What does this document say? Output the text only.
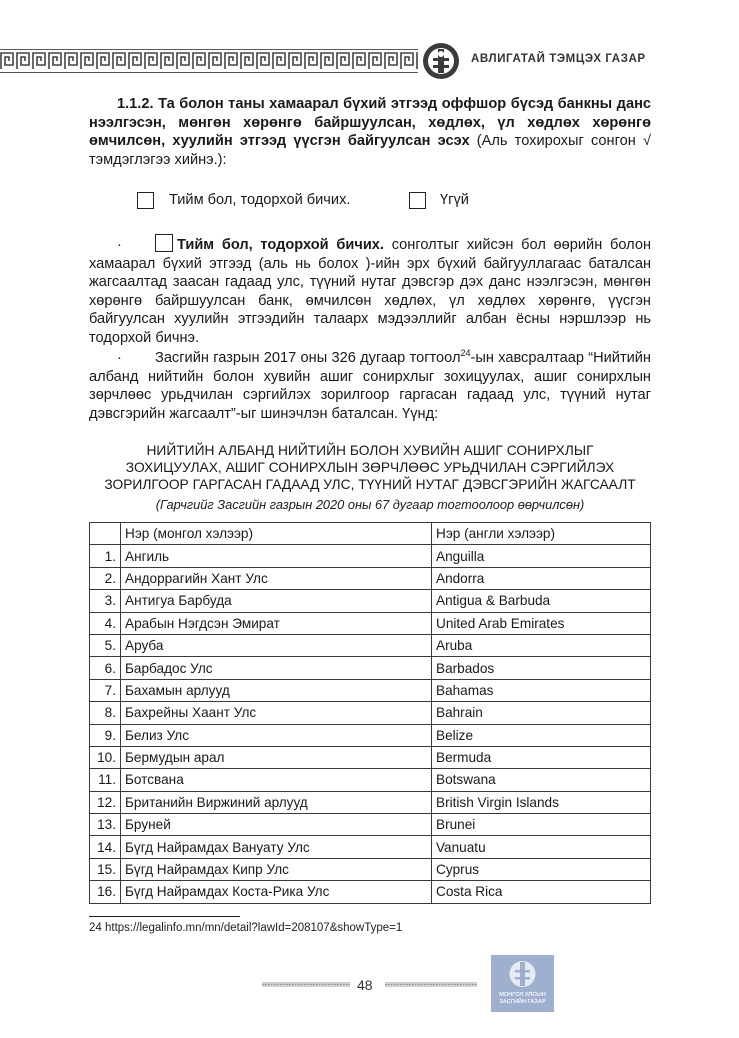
АВЛИГАТАЙ ТЭМЦЭХ ГАЗАР
1.1.2. Та болон таны хамаарал бүхий этгээд оффшор бүсэд банкны данс нээлгэсэн, мөнгөн хөрөнгө байршуулсан, хөдлөх, үл хөдлөх хөрөнгө өмчилсөн, хуулийн этгээд үүсгэн байгуулсан эсэх (Аль тохирохыг сонгон √ тэмдэглэгээ хийнэ.):
Тийм бол, тодорхой бичих.	Үгүй
·	Тийм бол, тодорхой бичих. сонголтыг хийсэн бол өөрийн болон хамаарал бүхий этгээд (аль нь болох )-ийн эрх бүхий байгууллагаас баталсан жагсаалтад заасан гадаад улс, түүний нутаг дэвсгэр дэх данс нээлгэсэн, мөнгөн хөрөнгө байршуулсан банк, өмчилсөн хөдлөх, үл хөдлөх хөрөнгө, үүсгэн байгуулсан хуулийн этгээдийн талаарх мэдээллийг албан ёсны нэршлээр нь тодорхой бичнэ.
· Засгийн газрын 2017 оны 326 дугаар тогтоол$^{24}$-ын хавсралтаар “Нийтийн албанд нийтийн болон хувийн ашиг сонирхлыг зохицуулах, ашиг сонирхлын зөрчлөөс урьдчилан сэргийлэх зорилгоор гаргасан гадаад улс, түүний нутаг дэвсгэрийн жагсаалт”-ыг шинэчлэн баталсан. Үүнд:
НИЙТИЙН АЛБАНД НИЙТИЙН БОЛОН ХУВИЙН АШИГ СОНИРХЛЫГ
ЗОХИЦУУЛАХ, АШИГ СОНИРХЛЫН ЗӨРЧЛӨӨС УРЬДЧИЛАН СЭРГИЙЛЭХ
ЗОРИЛГООР ГАРГАСАН ГАДААД УЛС, ТҮҮНИЙ НУТАГ ДЭВСГЭРИЙН ЖАГСААЛТ
(Гарчгийг Засгийн газрын 2020 оны 67 дугаар тогтоолоор өөрчилсөн)
	Нэр (монгол хэлээр)	Нэр (англи хэлээр)
1.	Ангиль	Anguilla
2.	Андоррагийн Хант Улс	Andorra
3.	Антигуа Барбуда	Antigua & Barbuda
4.	Арабын Нэгдсэн Эмират	United Arab Emirates
5.	Аруба	Aruba
6.	Барбадос Улс	Barbados
7.	Бахамын арлууд	Bahamas
8.	Бахрейны Хаант Улс	Bahrain
9.	Белиз Улс	Belize
10.	Бермудын арал	Bermuda
11.	Ботсвана	Botswana
12.	Британийн Виржиний арлууд	British Virgin Islands
13.	Бруней	Brunei
14.	Бүгд Найрамдах Вануату Улс	Vanuatu
15.	Бүгд Найрамдах Кипр Улс	Cyprus
16.	Бүгд Найрамдах Коста-Рика Улс	Costa Rica
24 https://legalinfo.mn/mn/detail?lawId=208107&showType=1
48
МОНГОЛ УЛСЫН
ЗАСГИЙН ГАЗАР
